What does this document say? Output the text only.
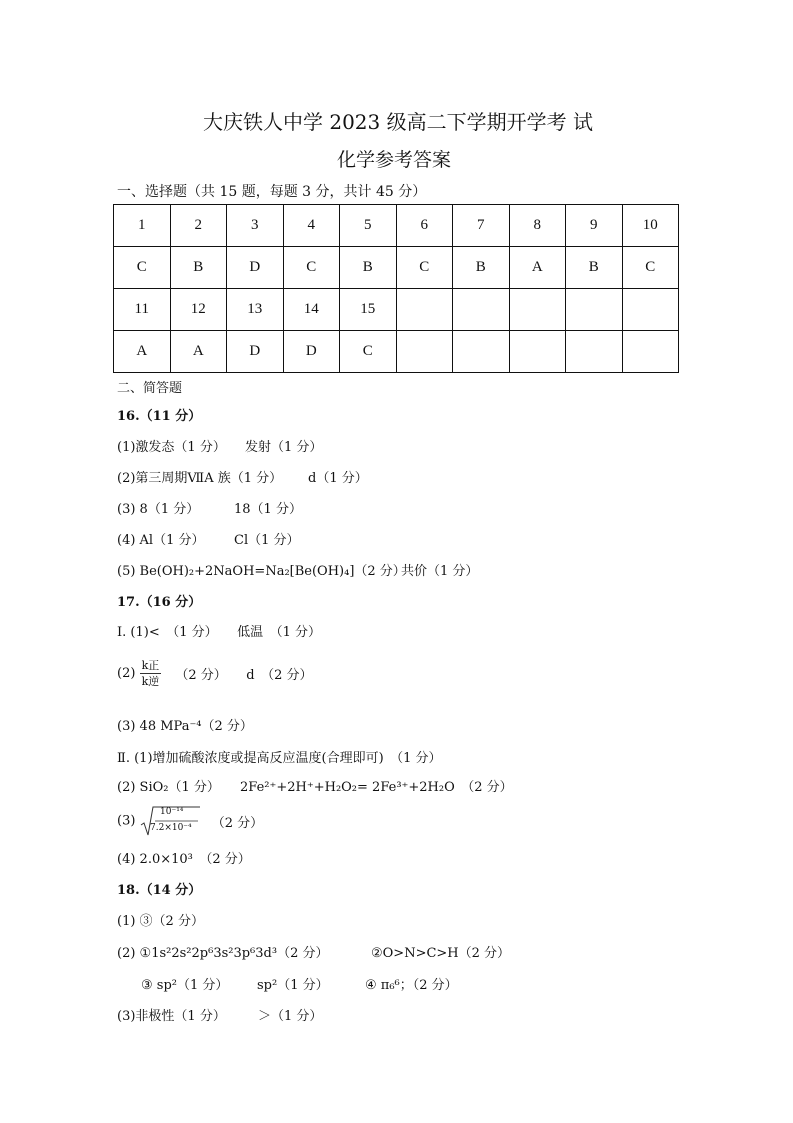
大庆铁人中学 2023 级高二下学期开学考 试
化学参考答案
一、选择题（共 15 题，每题 3 分，共计 45 分）
1	2	3	4	5	6	7	8	9	10
C	B	D	C	B	C	B	A	B	C
11	12	13	14	15					
A	A	D	D	C					
二、简答题
16.（11 分）
(1)激发态（1 分） 发射（1 分）
(2)第三周期ⅦA 族（1 分） d（1 分）
(3) 8（1 分）	18（1 分）
(4) Al（1 分） Cl（1 分）
(5) Be(OH)₂+2NaOH=Na₂[Be(OH)₄]（2 分）
共价（1 分）
17.（16 分）
Ⅰ. (1)<　（1 分）　　低温　（1 分）
$(2) \frac{\text{k正}}{\text{k逆}} (2$ 分）　　d　（2 分）
(3) 48 MPa⁻⁴（2 分）
Ⅱ. (1)增加硫酸浓度或提高反应温度(合理即可)　（1 分）
(2) SiO₂（1 分） 2Fe²⁺+2H⁺+H₂O₂= 2Fe³⁺+2H₂O　（2 分）
(3)	（2 分）
10⁻¹⁴
7.2×10⁻⁴
(4) 2.0×10³　（2 分）
18.（14 分）
(1) ③（2 分）
(2) ①1s²2s²2p⁶3s²3p⁶3d³（2 分）	②O>N>C>H（2 分）
③ sp²（1 分） sp²（1 分）	④ π₆⁶；（2 分）
(3)非极性（1 分） ＞（1 分）
